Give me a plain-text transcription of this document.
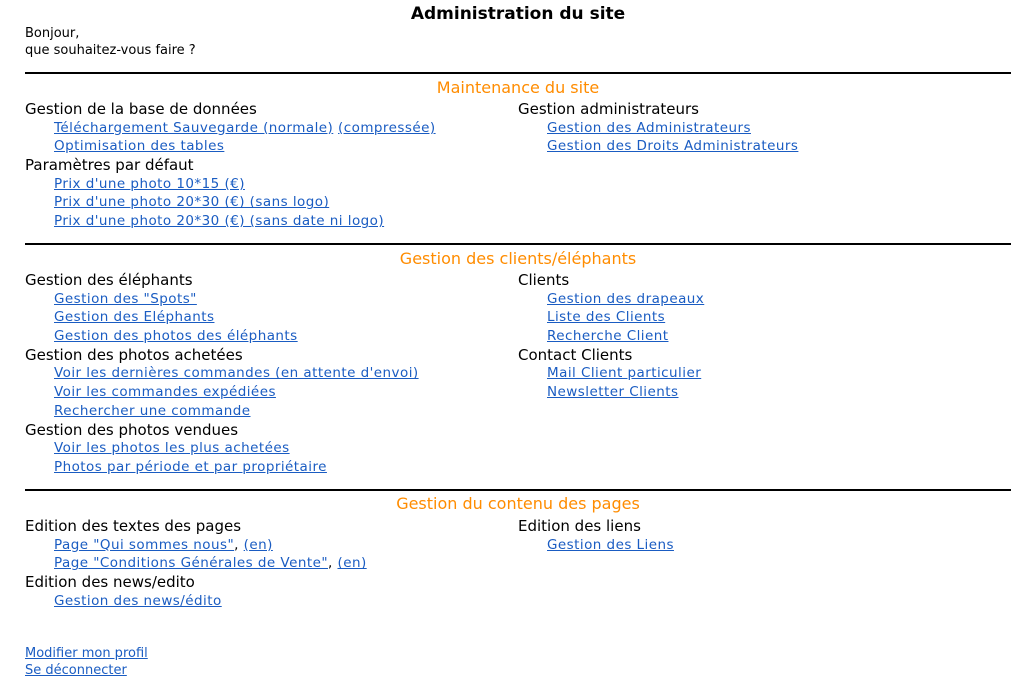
Administration du site
Bonjour,
que souhaitez-vous faire ?
Maintenance du site
Gestion de la base de données
Téléchargement Sauvegarde (normale) (compressée)
Optimisation des tables
Paramètres par défaut
Prix d'une photo 10*15 (€)
Prix d'une photo 20*30 (€) (sans logo)
Prix d'une photo 20*30 (€) (sans date ni logo)
Gestion administrateurs
Gestion des Administrateurs
Gestion des Droits Administrateurs
Gestion des clients/éléphants
Gestion des éléphants
Gestion des "Spots"
Gestion des Eléphants
Gestion des photos des éléphants
Gestion des photos achetées
Voir les dernières commandes (en attente d'envoi)
Voir les commandes expédiées
Rechercher une commande
Gestion des photos vendues
Voir les photos les plus achetées
Photos par période et par propriétaire
Clients
Gestion des drapeaux
Liste des Clients
Recherche Client
Contact Clients
Mail Client particulier
Newsletter Clients
Gestion du contenu des pages
Edition des textes des pages
Page "Qui sommes nous", (en)
Page "Conditions Générales de Vente", (en)
Edition des news/edito
Gestion des news/édito
Edition des liens
Gestion des Liens
Modifier mon profil
Se déconnecter
